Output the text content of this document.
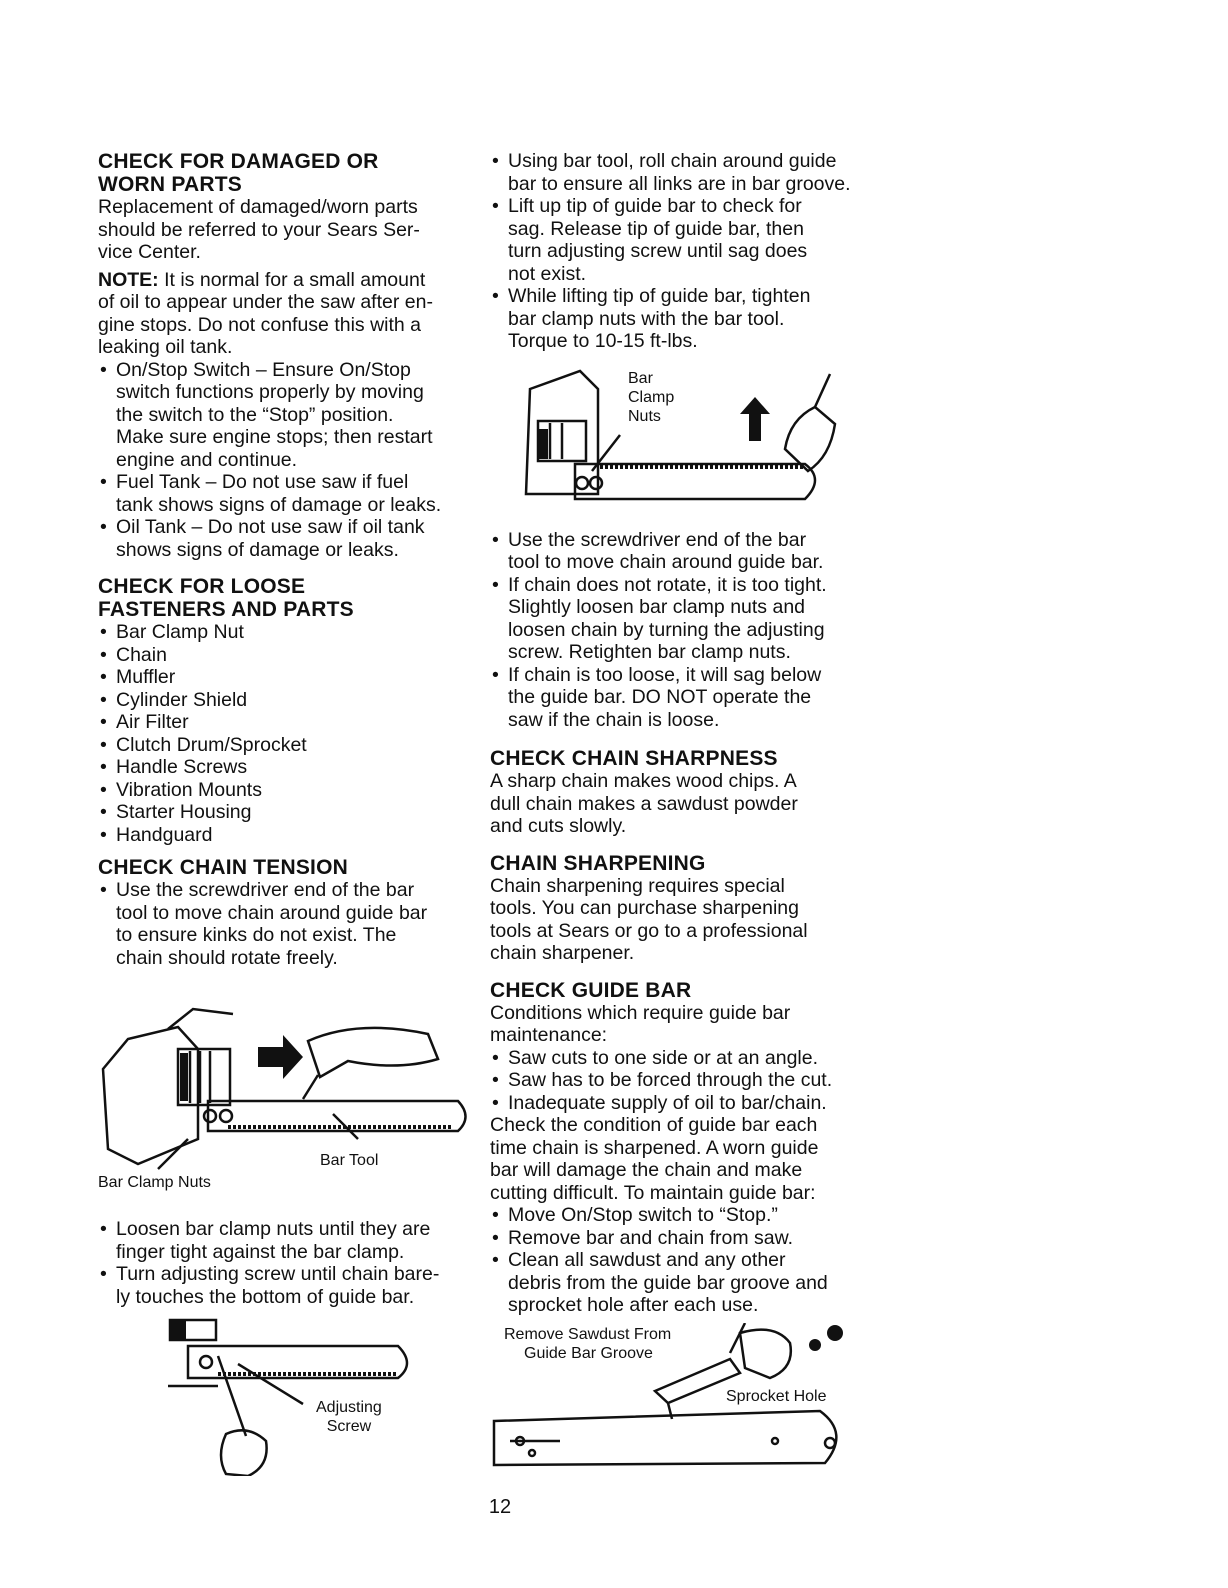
CHECK FOR DAMAGED OR
WORN PARTS

Replacement of damaged/worn parts
should be referred to your Sears Ser-
vice Center.

NOTE: It is normal for a small amount
of oil to appear under the saw after en-
gine stops. Do not confuse this with a
leaking oil tank.

• On/Stop Switch – Ensure On/Stop
switch functions properly by moving
the switch to the “Stop” position.
Make sure engine stops; then restart
engine and continue.
• Fuel Tank – Do not use saw if fuel
tank shows signs of damage or leaks.
• Oil Tank – Do not use saw if oil tank
shows signs of damage or leaks.
CHECK FOR LOOSE
FASTENERS AND PARTS
• Bar Clamp Nut
• Chain
• Muffler
• Cylinder Shield
• Air Filter
• Clutch Drum/Sprocket
• Handle Screws
• Vibration Mounts
• Starter Housing
• Handguard
CHECK CHAIN TENSION
• Use the screwdriver end of the bar
tool to move chain around guide bar
to ensure kinks do not exist. The
chain should rotate freely.
Bar Tool
Bar Clamp Nuts
• Loosen bar clamp nuts until they are
finger tight against the bar clamp.
• Turn adjusting screw until chain bare-
ly touches the bottom of guide bar.
Adjusting
Screw
• Using bar tool, roll chain around guide
bar to ensure all links are in bar groove.
• Lift up tip of guide bar to check for
sag. Release tip of guide bar, then
turn adjusting screw until sag does
not exist.
• While lifting tip of guide bar, tighten
bar clamp nuts with the bar tool.
Torque to 10-15 ft-lbs.
Bar
Clamp
Nuts
• Use the screwdriver end of the bar
tool to move chain around guide bar.
• If chain does not rotate, it is too tight.
Slightly loosen bar clamp nuts and
loosen chain by turning the adjusting
screw. Retighten bar clamp nuts.
• If chain is too loose, it will sag below
the guide bar. DO NOT operate the
saw if the chain is loose.
CHECK CHAIN SHARPNESS

A sharp chain makes wood chips. A
dull chain makes a sawdust powder
and cuts slowly.

CHAIN SHARPENING

Chain sharpening requires special
tools. You can purchase sharpening
tools at Sears or go to a professional
chain sharpener.

CHECK GUIDE BAR

Conditions which require guide bar
maintenance:

• Saw cuts to one side or at an angle.
• Saw has to be forced through the cut.
• Inadequate supply of oil to bar/chain.

Check the condition of guide bar each
time chain is sharpened. A worn guide
bar will damage the chain and make
cutting difficult. To maintain guide bar:

• Move On/Stop switch to “Stop.”
• Remove bar and chain from saw.
• Clean all sawdust and any other
debris from the guide bar groove and
sprocket hole after each use.
Remove Sawdust From
Guide Bar Groove
Sprocket Hole
12
